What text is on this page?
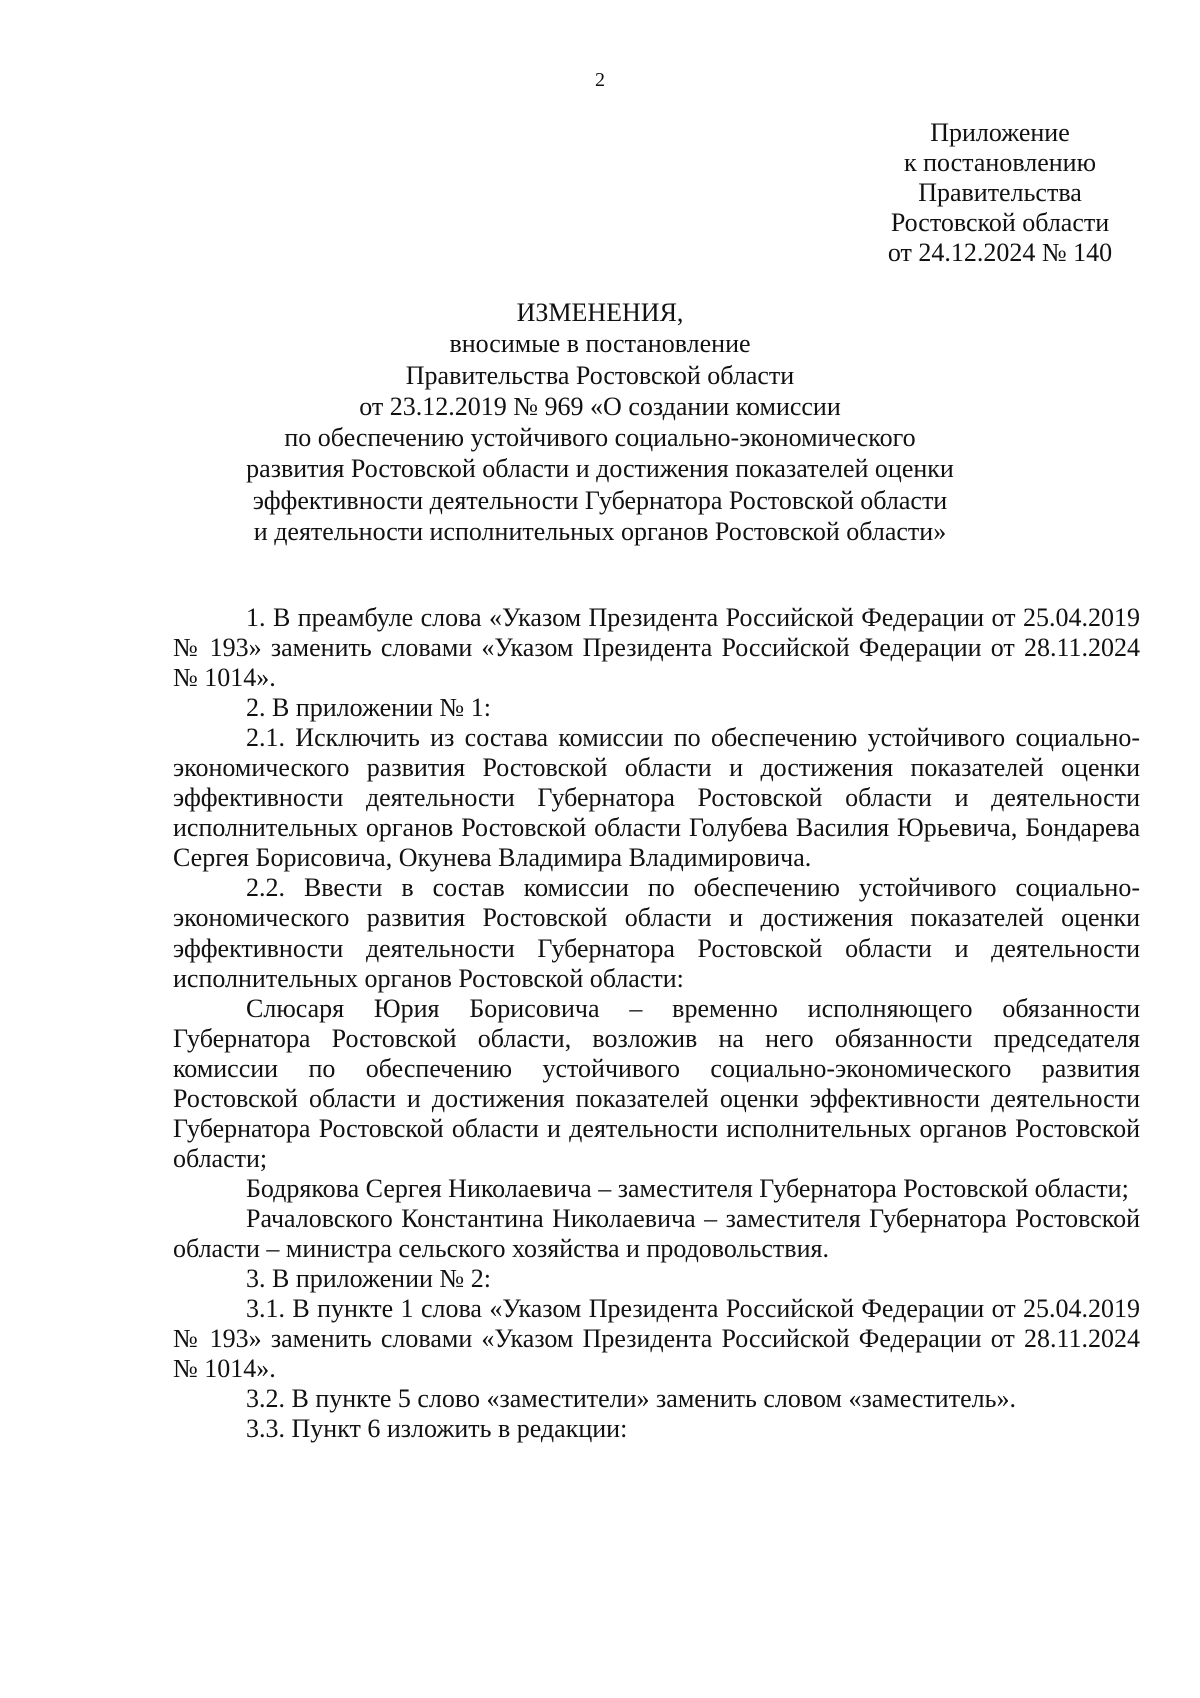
2
Приложение
к постановлению
Правительства
Ростовской области
от 24.12.2024 № 140
ИЗМЕНЕНИЯ,
вносимые в постановление
Правительства Ростовской области
от 23.12.2019 № 969 «О создании комиссии
по обеспечению устойчивого социально-экономического
развития Ростовской области и достижения показателей оценки
эффективности деятельности Губернатора Ростовской области
и деятельности исполнительных органов Ростовской области»

1. В преамбуле слова «Указом Президента Российской Федерации от 25.04.2019 № 193» заменить словами «Указом Президента Российской Федерации от 28.11.2024 № 1014».

2. В приложении № 1:

2.1. Исключить из состава комиссии по обеспечению устойчивого социально-экономического развития Ростовской области и достижения показателей оценки эффективности деятельности Губернатора Ростовской области и деятельности исполнительных органов Ростовской области Голубева Василия Юрьевича, Бондарева Сергея Борисовича, Окунева Владимира Владимировича.

2.2. Ввести в состав комиссии по обеспечению устойчивого социально-экономического развития Ростовской области и достижения показателей оценки эффективности деятельности Губернатора Ростовской области и деятельности исполнительных органов Ростовской области:

Слюсаря Юрия Борисовича – временно исполняющего обязанности Губернатора Ростовской области, возложив на него обязанности председателя комиссии по обеспечению устойчивого социально-экономического развития Ростовской области и достижения показателей оценки эффективности деятельности Губернатора Ростовской области и деятельности исполнительных органов Ростовской области;

Бодрякова Сергея Николаевича – заместителя Губернатора Ростовской области;

Рачаловского Константина Николаевича – заместителя Губернатора Ростовской области – министра сельского хозяйства и продовольствия.

3. В приложении № 2:

3.1. В пункте 1 слова «Указом Президента Российской Федерации от 25.04.2019 № 193» заменить словами «Указом Президента Российской Федерации от 28.11.2024 № 1014».

3.2. В пункте 5 слово «заместители» заменить словом «заместитель».

3.3. Пункт 6 изложить в редакции:
